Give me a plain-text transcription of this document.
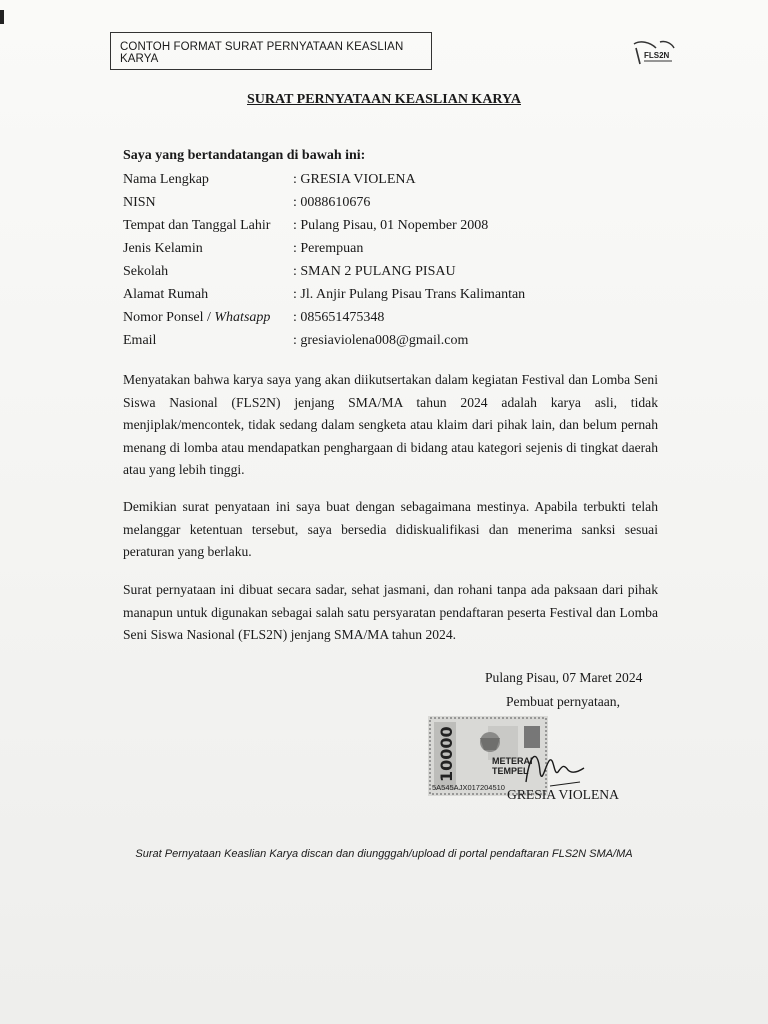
CONTOH FORMAT SURAT PERNYATAAN KEASLIAN KARYA	FLS2N
SURAT PERNYATAAN KEASLIAN KARYA
Saya yang bertandatangan di bawah ini:
Nama Lengkap	: GRESIA VIOLENA
NISN	: 0088610676
Tempat dan Tanggal Lahir : Pulang Pisau, 01 Nopember 2008
Jenis Kelamin	: Perempuan
Sekolah	: SMAN 2 PULANG PISAU
Alamat Rumah	: Jl. Anjir Pulang Pisau Trans Kalimantan
Nomor Ponsel / Whatsapp : 085651475348
Email	: gresiaviolena008@gmail.com

Menyatakan bahwa karya saya yang akan diikutsertakan dalam kegiatan Festival dan Lomba Seni Siswa Nasional (FLS2N) jenjang SMA/MA tahun 2024 adalah karya asli, tidak menjiplak/mencontek, tidak sedang dalam sengketa atau klaim dari pihak lain, dan belum pernah menang di lomba atau mendapatkan penghargaan di bidang atau kategori sejenis di tingkat daerah atau yang lebih tinggi.

Demikian surat penyataan ini saya buat dengan sebagaimana mestinya. Apabila terbukti telah melanggar ketentuan tersebut, saya bersedia didiskualifikasi dan menerima sanksi sesuai peraturan yang berlaku.

Surat pernyataan ini dibuat secara sadar, sehat jasmani, dan rohani tanpa ada paksaan dari pihak manapun untuk digunakan sebagai salah satu persyaratan pendaftaran peserta Festival dan Lomba Seni Siswa Nasional (FLS2N) jenjang SMA/MA tahun 2024.

Pulang Pisau, 07 Maret 2024
Pembuat pernyataan,
10000	METERAI
TEMPEL
5A545AJX017204510 GRESIA VIOLENA
Surat Pernyataan Keaslian Karya discan dan diungggah/upload di portal pendaftaran FLS2N SMA/MA
